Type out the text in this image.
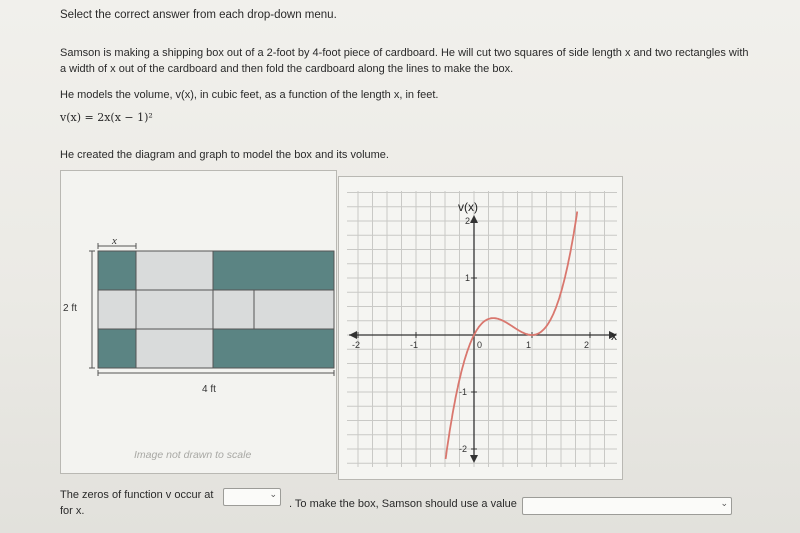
Select the correct answer from each drop-down menu.
Samson is making a shipping box out of a 2-foot by 4-foot piece of cardboard. He will cut two squares of side length x and two rectangles with
a width of x out of the cardboard and then fold the cardboard along the lines to make the box.
He models the volume, v(x), in cubic feet, as a function of the length x, in feet.
v(x) = 2x(x − 1)²
He created the diagram and graph to model the box and its volume.
x
2 ft
4 ft
Image not drawn to scale
v(x)
x
-2	-1	0	1	2
2
1
-1
-2
The zeros of function v occur at
for x.
⌄
. To make the box, Samson should use a value	⌄
